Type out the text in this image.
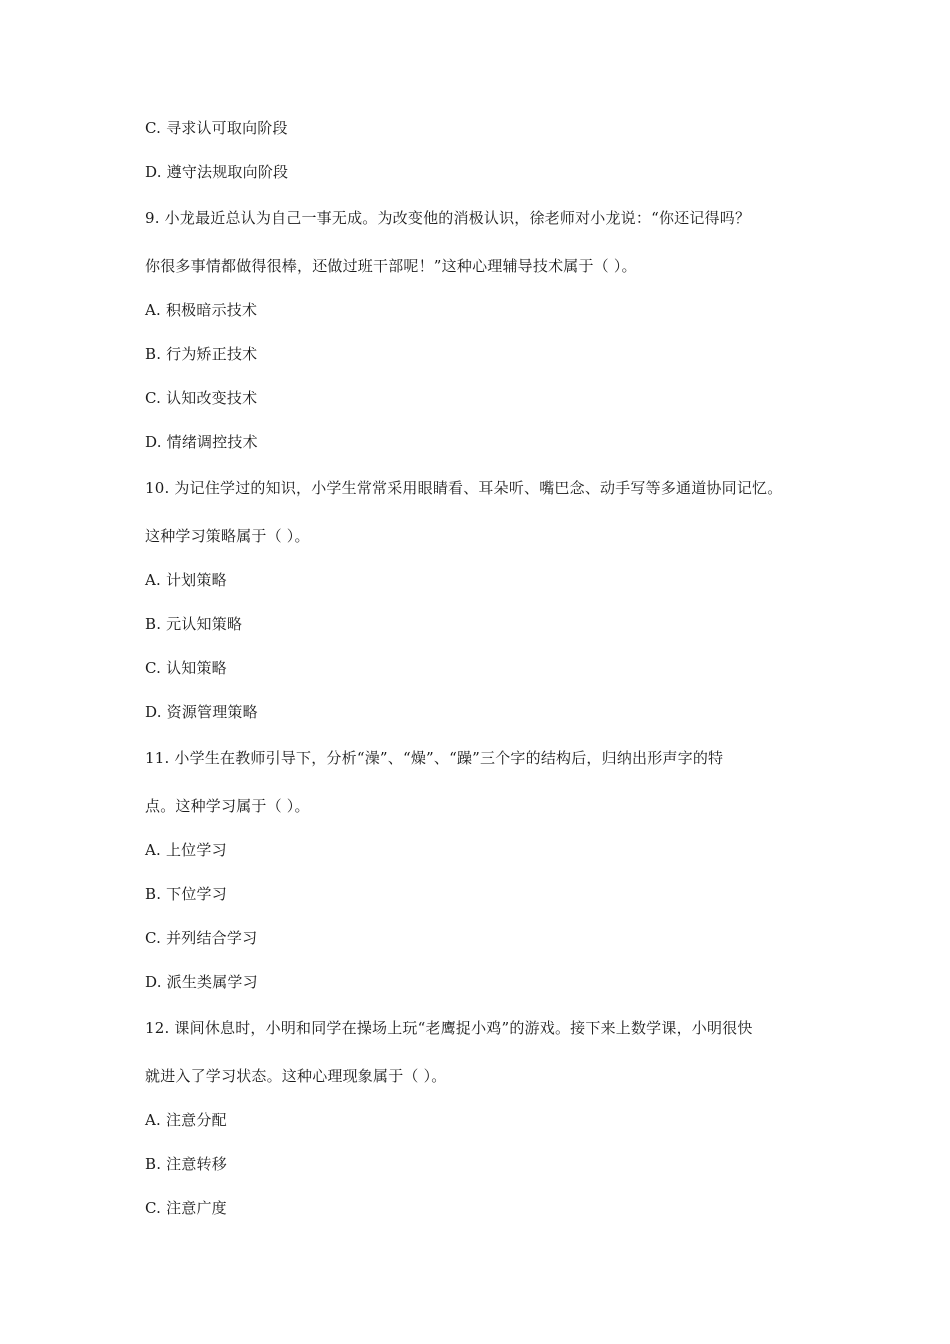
C. 寻求认可取向阶段
D. 遵守法规取向阶段
9. 小龙最近总认为自己一事无成。为改变他的消极认识，徐老师对小龙说：“你还记得吗？
你很多事情都做得很棒，还做过班干部呢！”这种心理辅导技术属于（ ）。
A. 积极暗示技术
B. 行为矫正技术
C. 认知改变技术
D. 情绪调控技术
10. 为记住学过的知识，小学生常常采用眼睛看、耳朵听、嘴巴念、动手写等多通道协同记忆。
这种学习策略属于（ ）。
A. 计划策略
B. 元认知策略
C. 认知策略
D. 资源管理策略
11. 小学生在教师引导下，分析“澡”、“燥”、“躁”三个字的结构后，归纳出形声字的特
点。这种学习属于（ ）。
A. 上位学习
B. 下位学习
C. 并列结合学习
D. 派生类属学习
12. 课间休息时，小明和同学在操场上玩“老鹰捉小鸡”的游戏。接下来上数学课，小明很快
就进入了学习状态。这种心理现象属于（ ）。
A. 注意分配
B. 注意转移
C. 注意广度
